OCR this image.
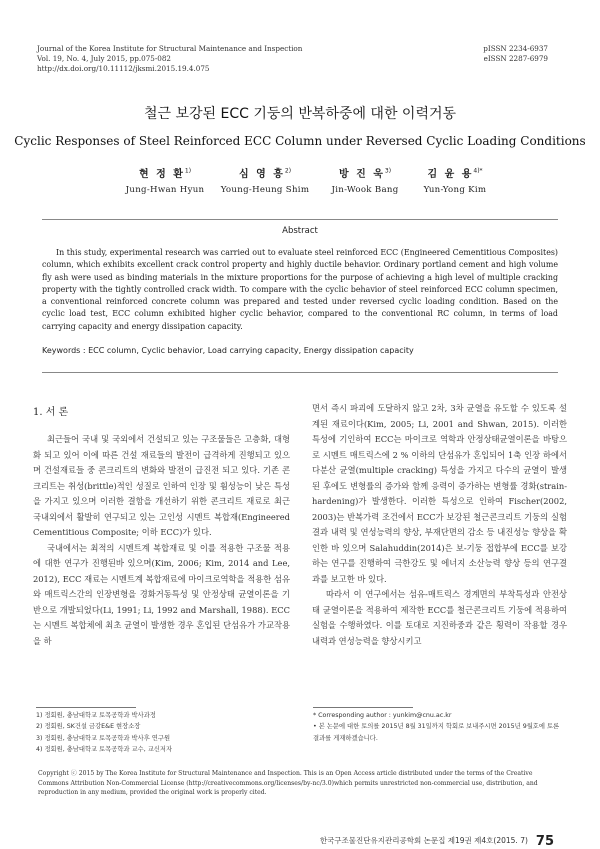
Journal of the Korea Institute for Structural Maintenance and Inspection
Vol. 19, No. 4, July 2015, pp.075-082
http://dx.doi.org/10.11112/jksmi.2015.19.4.075
pISSN 2234-6937
eISSN 2287-6979
철근 보강된 ECC 기둥의 반복하중에 대한 이력거동
Cyclic Responses of Steel Reinforced ECC Column under Reversed Cyclic Loading Conditions
현 정 환$^{1)}$
Jung-Hwan Hyun
심 영 흥$^{2)}$
Young-Heung Shim
방 진 욱$^{3)}$
Jin-Wook Bang
김 윤 용$^{4)*}$
Yun-Yong Kim
Abstract
In this study, experimental research was carried out to evaluate steel reinforced ECC (Engineered Cementitious Composites) column, which exhibits excellent crack control property and highly ductile behavior. Ordinary portland cement and high volume fly ash were used as binding materials in the mixture proportions for the purpose of achieving a high level of multiple cracking property with the tightly controlled crack width. To compare with the cyclic behavior of steel reinforced ECC column specimen, a conventional reinforced concrete column was prepared and tested under reversed cyclic loading condition. Based on the cyclic load test, ECC column exhibited higher cyclic behavior, compared to the conventional RC column, in terms of load carrying capacity and energy dissipation capacity.
Keywords : ECC column, Cyclic behavior, Load carrying capacity, Energy dissipation capacity
1. 서 론

최근들어 국내 및 국외에서 건설되고 있는 구조물들은 고층화, 대형화 되고 있어 이에 따른 건설 재료들의 발전이 급격하게 진행되고 있으며 건설재료들 중 콘크리트의 변화와 발전이 급진전 되고 있다. 기존 콘크리트는 취성(brittle)적인 성질로 인하여 인장 및 휨성능이 낮은 특성을 가지고 있으며 이러한 결함을 개선하기 위한 콘크리트 재료로 최근 국내외에서 활발히 연구되고 있는 고인성 시멘트 복합재(Engineered Cementitious Composite; 이하 ECC)가 있다.

국내에서는 최적의 시멘트계 복합재료 및 이를 적용한 구조물 적용에 대한 연구가 진행된바 있으며(Kim, 2006; Kim, 2014 and Lee, 2012), ECC 재료는 시멘트계 복합재료에 마이크로역학을 적용한 섬유와 매트릭스간의 인장변형을 경화거동특성 및 안정상태 균열이론을 기반으로 개발되었다(Li, 1991; Li, 1992 and Marshall, 1988). ECC는 시멘트 복합체에 최초 균열이 발생한 경우 혼입된 단섬유가 가교작용을 하

면서 즉시 파괴에 도달하지 않고 2차, 3차 균열을 유도할 수 있도록 설계된 재료이다(Kim, 2005; Li, 2001 and Shwan, 2015). 이러한 특성에 기인하여 ECC는 마이크로 역학과 안정상태균열이론을 바탕으로 시멘트 매트릭스에 2 % 이하의 단섬유가 혼입되어 1축 인장 하에서 다분산 균열(multiple cracking) 특성을 가지고 다수의 균열이 발생된 후에도 변형률의 증가와 함께 응력이 증가하는 변형률 경화(strain-hardening)가 발생한다. 이러한 특성으로 인하여 Fischer(2002, 2003)는 반복가력 조건에서 ECC가 보강된 철근콘크리트 기둥의 실험결과 내력 및 연성능력의 향상, 부재단면의 감소 등 내진성능 향상을 확인한 바 있으며 Salahuddin(2014)은 보-기둥 접합부에 ECC를 보강하는 연구를 진행하여 극한강도 및 에너지 소산능력 향상 등의 연구결과를 보고한 바 있다.

따라서 이 연구에서는 섬유-매트릭스 경계면의 부착특성과 안전상태 균열이론을 적용하여 제작한 ECC를 철근콘크리트 기둥에 적용하여 실험을 수행하였다. 이를 토대로 지진하중과 같은 횡력이 작용할 경우 내력과 연성능력을 향상시키고

1) 정회원, 충남대학교 토목공학과 박사과정
2) 정회원, SK건설 금강E&E 현장소장
3) 정회원, 충남대학교 토목공학과 박사후 연구원
4) 정회원, 충남대학교 토목공학과 교수, 교신저자
* Corresponding author : yunkim@cnu.ac.kr
• 본 논문에 대한 토의를 2015년 8월 31일까지 학회로 보내주시면 2015년 9월호에 토론결과를 게재하겠습니다.
Copyright ⓒ 2015 by The Korea Institute for Structural Maintenance and Inspection. This is an Open Access article distributed under the terms of the Creative Commons Attribution Non-Commercial License (http://creativecommons.org/licenses/by-nc/3.0)which permits unrestricted non-commercial use, distribution, and reproduction in any medium, provided the original work is properly cited.
한국구조물진단유지관리공학회 논문집 제19권 제4호(2015. 7) 75
